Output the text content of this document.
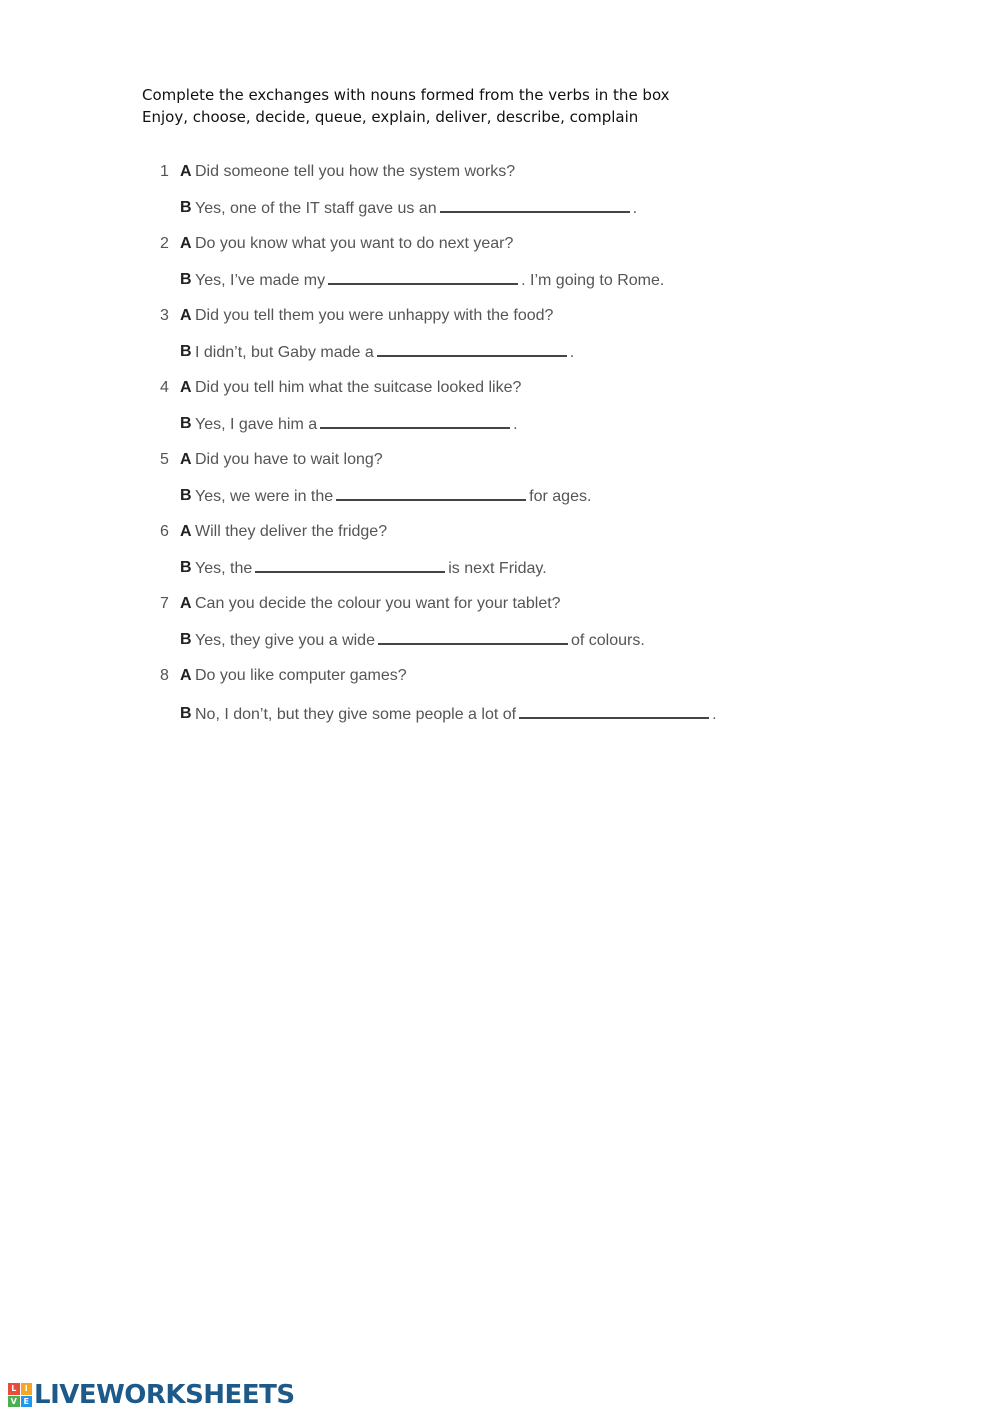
Complete the exchanges with nouns formed from the verbs in the box
Enjoy, choose, decide, queue, explain, deliver, describe, complain
1 A Did someone tell you how the system works?
B Yes, one of the IT staff gave us an	.
2 A Do you know what you want to do next year?
B Yes, I’ve made my	. I’m going to Rome.
3 A Did you tell them you were unhappy with the food?
B I didn’t, but Gaby made a	.
4 A Did you tell him what the suitcase looked like?
B Yes, I gave him a	.
5 A Did you have to wait long?
B Yes, we were in the	for ages.
6 A Will they deliver the fridge?
B Yes, the	is next Friday.
7 A Can you decide the colour you want for your tablet?
B Yes, they give you a wide	of colours.
8 A Do you like computer games?
B No, I don’t, but they give some people a lot of	.
L	I
V E LIVEWORKSHEETS
